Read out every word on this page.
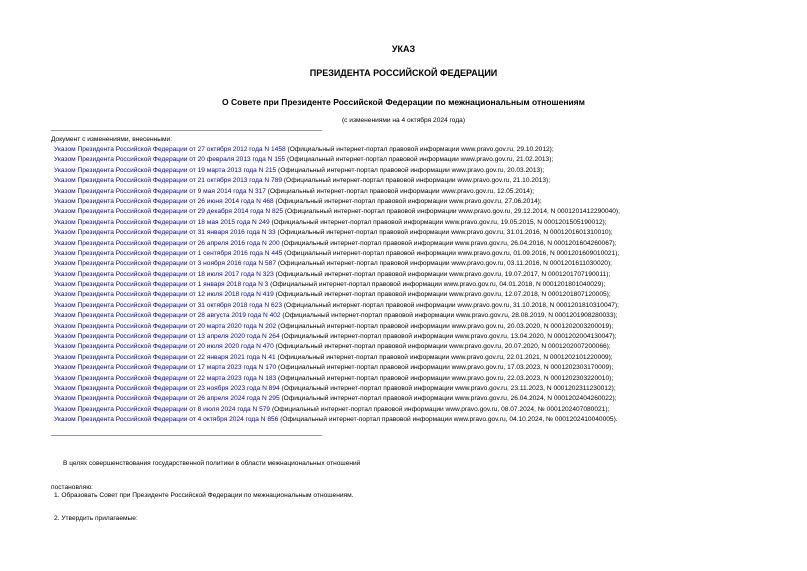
УКАЗ
ПРЕЗИДЕНТА РОССИЙСКОЙ ФЕДЕРАЦИИ
О Совете при Президенте Российской Федерации по межнациональным отношениям
(с изменениями на 4 октября 2024 года)
Документ с изменениями, внесенными:
Указом Президента Российской Федерации от 27 октября 2012 года N 1458 (Официальный интернет-портал правовой информации www.pravo.gov.ru, 29.10.2012);
Указом Президента Российской Федерации от 20 февраля 2013 года N 155 (Официальный интернет-портал правовой информации www.pravo.gov.ru, 21.02.2013);
Указом Президента Российской Федерации от 19 марта 2013 года N 215 (Официальный интернет-портал правовой информации www.pravo.gov.ru, 20.03.2013);
Указом Президента Российской Федерации от 21 октября 2013 года N 789 (Официальный интернет-портал правовой информации www.pravo.gov.ru, 21.10.2013);
Указом Президента Российской Федерации от 9 мая 2014 года N 317 (Официальный интернет-портал правовой информации www.pravo.gov.ru, 12.05.2014);
Указом Президента Российской Федерации от 26 июня 2014 года N 468 (Официальный интернет-портал правовой информации www.pravo.gov.ru, 27.06.2014);
Указом Президента Российской Федерации от 29 декабря 2014 года N 825 (Официальный интернет-портал правовой информации www.pravo.gov.ru, 29.12.2014, N 0001201412290040);
Указом Президента Российской Федерации от 18 мая 2015 года N 249 (Официальный интернет-портал правовой информации www.pravo.gov.ru, 19.05.2015, N 0001201505190012);
Указом Президента Российской Федерации от 31 января 2016 года N 33 (Официальный интернет-портал правовой информации www.pravo.gov.ru, 31.01.2016, N 0001201601310010);
Указом Президента Российской Федерации от 26 апреля 2016 года N 200 (Официальный интернет-портал правовой информации www.pravo.gov.ru, 26.04.2016, N 0001201604260067);
Указом Президента Российской Федерации от 1 сентября 2016 года N 445 (Официальный интернет-портал правовой информации www.pravo.gov.ru, 01.09.2016, N 0001201609010021);
Указом Президента Российской Федерации от 3 ноября 2016 года N 587 (Официальный интернет-портал правовой информации www.pravo.gov.ru, 03.11.2016, N 0001201611030020);
Указом Президента Российской Федерации от 18 июля 2017 года N 323 (Официальный интернет-портал правовой информации www.pravo.gov.ru, 19.07.2017, N 0001201707190011);
Указом Президента Российской Федерации от 1 января 2018 года N 3 (Официальный интернет-портал правовой информации www.pravo.gov.ru, 04.01.2018, N 0001201801040029);
Указом Президента Российской Федерации от 12 июля 2018 года N 419 (Официальный интернет-портал правовой информации www.pravo.gov.ru, 12.07.2018, N 0001201807120005);
Указом Президента Российской Федерации от 31 октября 2018 года N 623 (Официальный интернет-портал правовой информации www.pravo.gov.ru, 31.10.2018, N 0001201810310047);
Указом Президента Российской Федерации от 28 августа 2019 года N 402 (Официальный интернет-портал правовой информации www.pravo.gov.ru, 28.08.2019, N 0001201908280033);
Указом Президента Российской Федерации от 20 марта 2020 года N 202 (Официальный интернет-портал правовой информации www.pravo.gov.ru, 20.03.2020, N 0001202003200019);
Указом Президента Российской Федерации от 13 апреля 2020 года N 264 (Официальный интернет-портал правовой информации www.pravo.gov.ru, 13.04.2020, N 0001202004130047);
Указом Президента Российской Федерации от 20 июля 2020 года N 470 (Официальный интернет-портал правовой информации www.pravo.gov.ru, 20.07.2020, N 0001202007200066);
Указом Президента Российской Федерации от 22 января 2021 года N 41 (Официальный интернет-портал правовой информации www.pravo.gov.ru, 22.01.2021, N 0001202101220009);
Указом Президента Российской Федерации от 17 марта 2023 года N 170 (Официальный интернет-портал правовой информации www.pravo.gov.ru, 17.03.2023, N 0001202303170009);
Указом Президента Российской Федерации от 22 марта 2023 года N 183 (Официальный интернет-портал правовой информации www.pravo.gov.ru, 22.03.2023, N 0001202303220010);
Указом Президента Российской Федерации от 23 ноября 2023 года N 894 (Официальный интернет-портал правовой информации www.pravo.gov.ru, 23.11.2023, N 0001202311230012);
Указом Президента Российской Федерации от 26 апреля 2024 года N 295 (Официальный интернет-портал правовой информации www.pravo.gov.ru, 26.04.2024, N 0001202404260022);
Указом Президента Российской Федерации от 8 июля 2024 года N 579 (Официальный интернет-портал правовой информации www.pravo.gov.ru, 08.07.2024, № 0001202407080021);
Указом Президента Российской Федерации от 4 октября 2024 года N 856 (Официальный интернет-портал правовой информации www.pravo.gov.ru, 04.10.2024, № 0001202410040005).
В целях совершенствования государственной политики в области межнациональных отношений
постановляю:
1. Образовать Совет при Президенте Российской Федерации по межнациональным отношениям.
2. Утвердить прилагаемые:
